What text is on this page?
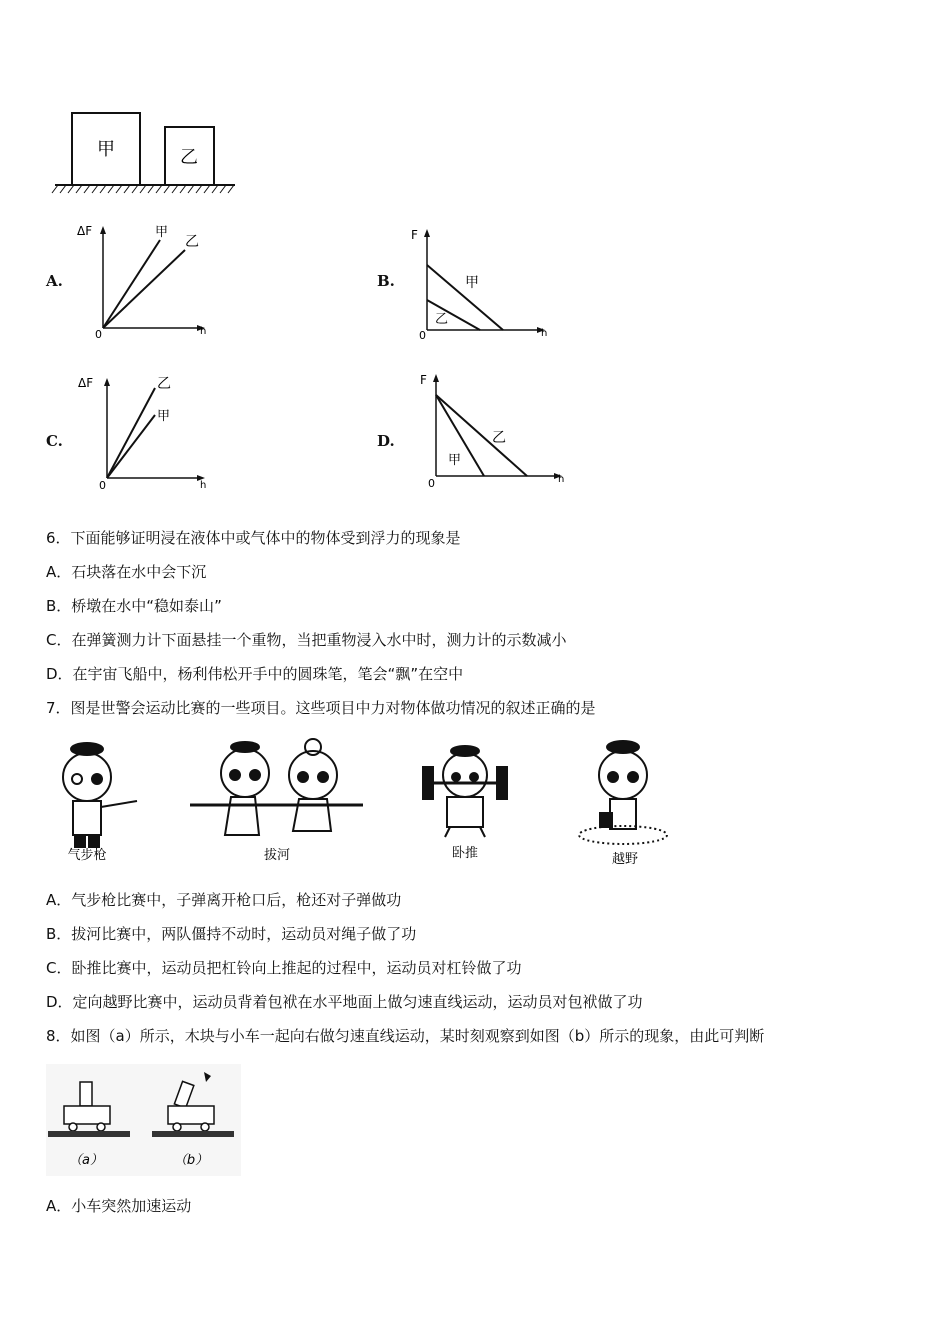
甲	乙
A.
ΔF	甲
乙
0	h
B.
F
甲
乙
0	h
C.
ΔF	乙
甲
0	h
D.
F
乙
甲
0	h
6．下面能够证明浸在液体中或气体中的物体受到浮力的现象是
A．石块落在水中会下沉
B．桥墩在水中“稳如泰山”
C．在弹簧测力计下面悬挂一个重物，当把重物浸入水中时，测力计的示数减小
D．在宇宙飞船中，杨利伟松开手中的圆珠笔，笔会“飘”在空中
7．图是世警会运动比赛的一些项目。这些项目中力对物体做功情况的叙述正确的是
气步枪	拔河	卧推	越野
A．气步枪比赛中，子弹离开枪口后，枪还对子弹做功
B．拔河比赛中，两队僵持不动时，运动员对绳子做了功
C．卧推比赛中，运动员把杠铃向上推起的过程中，运动员对杠铃做了功
D．定向越野比赛中，运动员背着包袱在水平地面上做匀速直线运动，运动员对包袱做了功
8．如图（a）所示，木块与小车一起向右做匀速直线运动，某时刻观察到如图（b）所示的现象，由此可判断
（a）	（b）
A．小车突然加速运动
